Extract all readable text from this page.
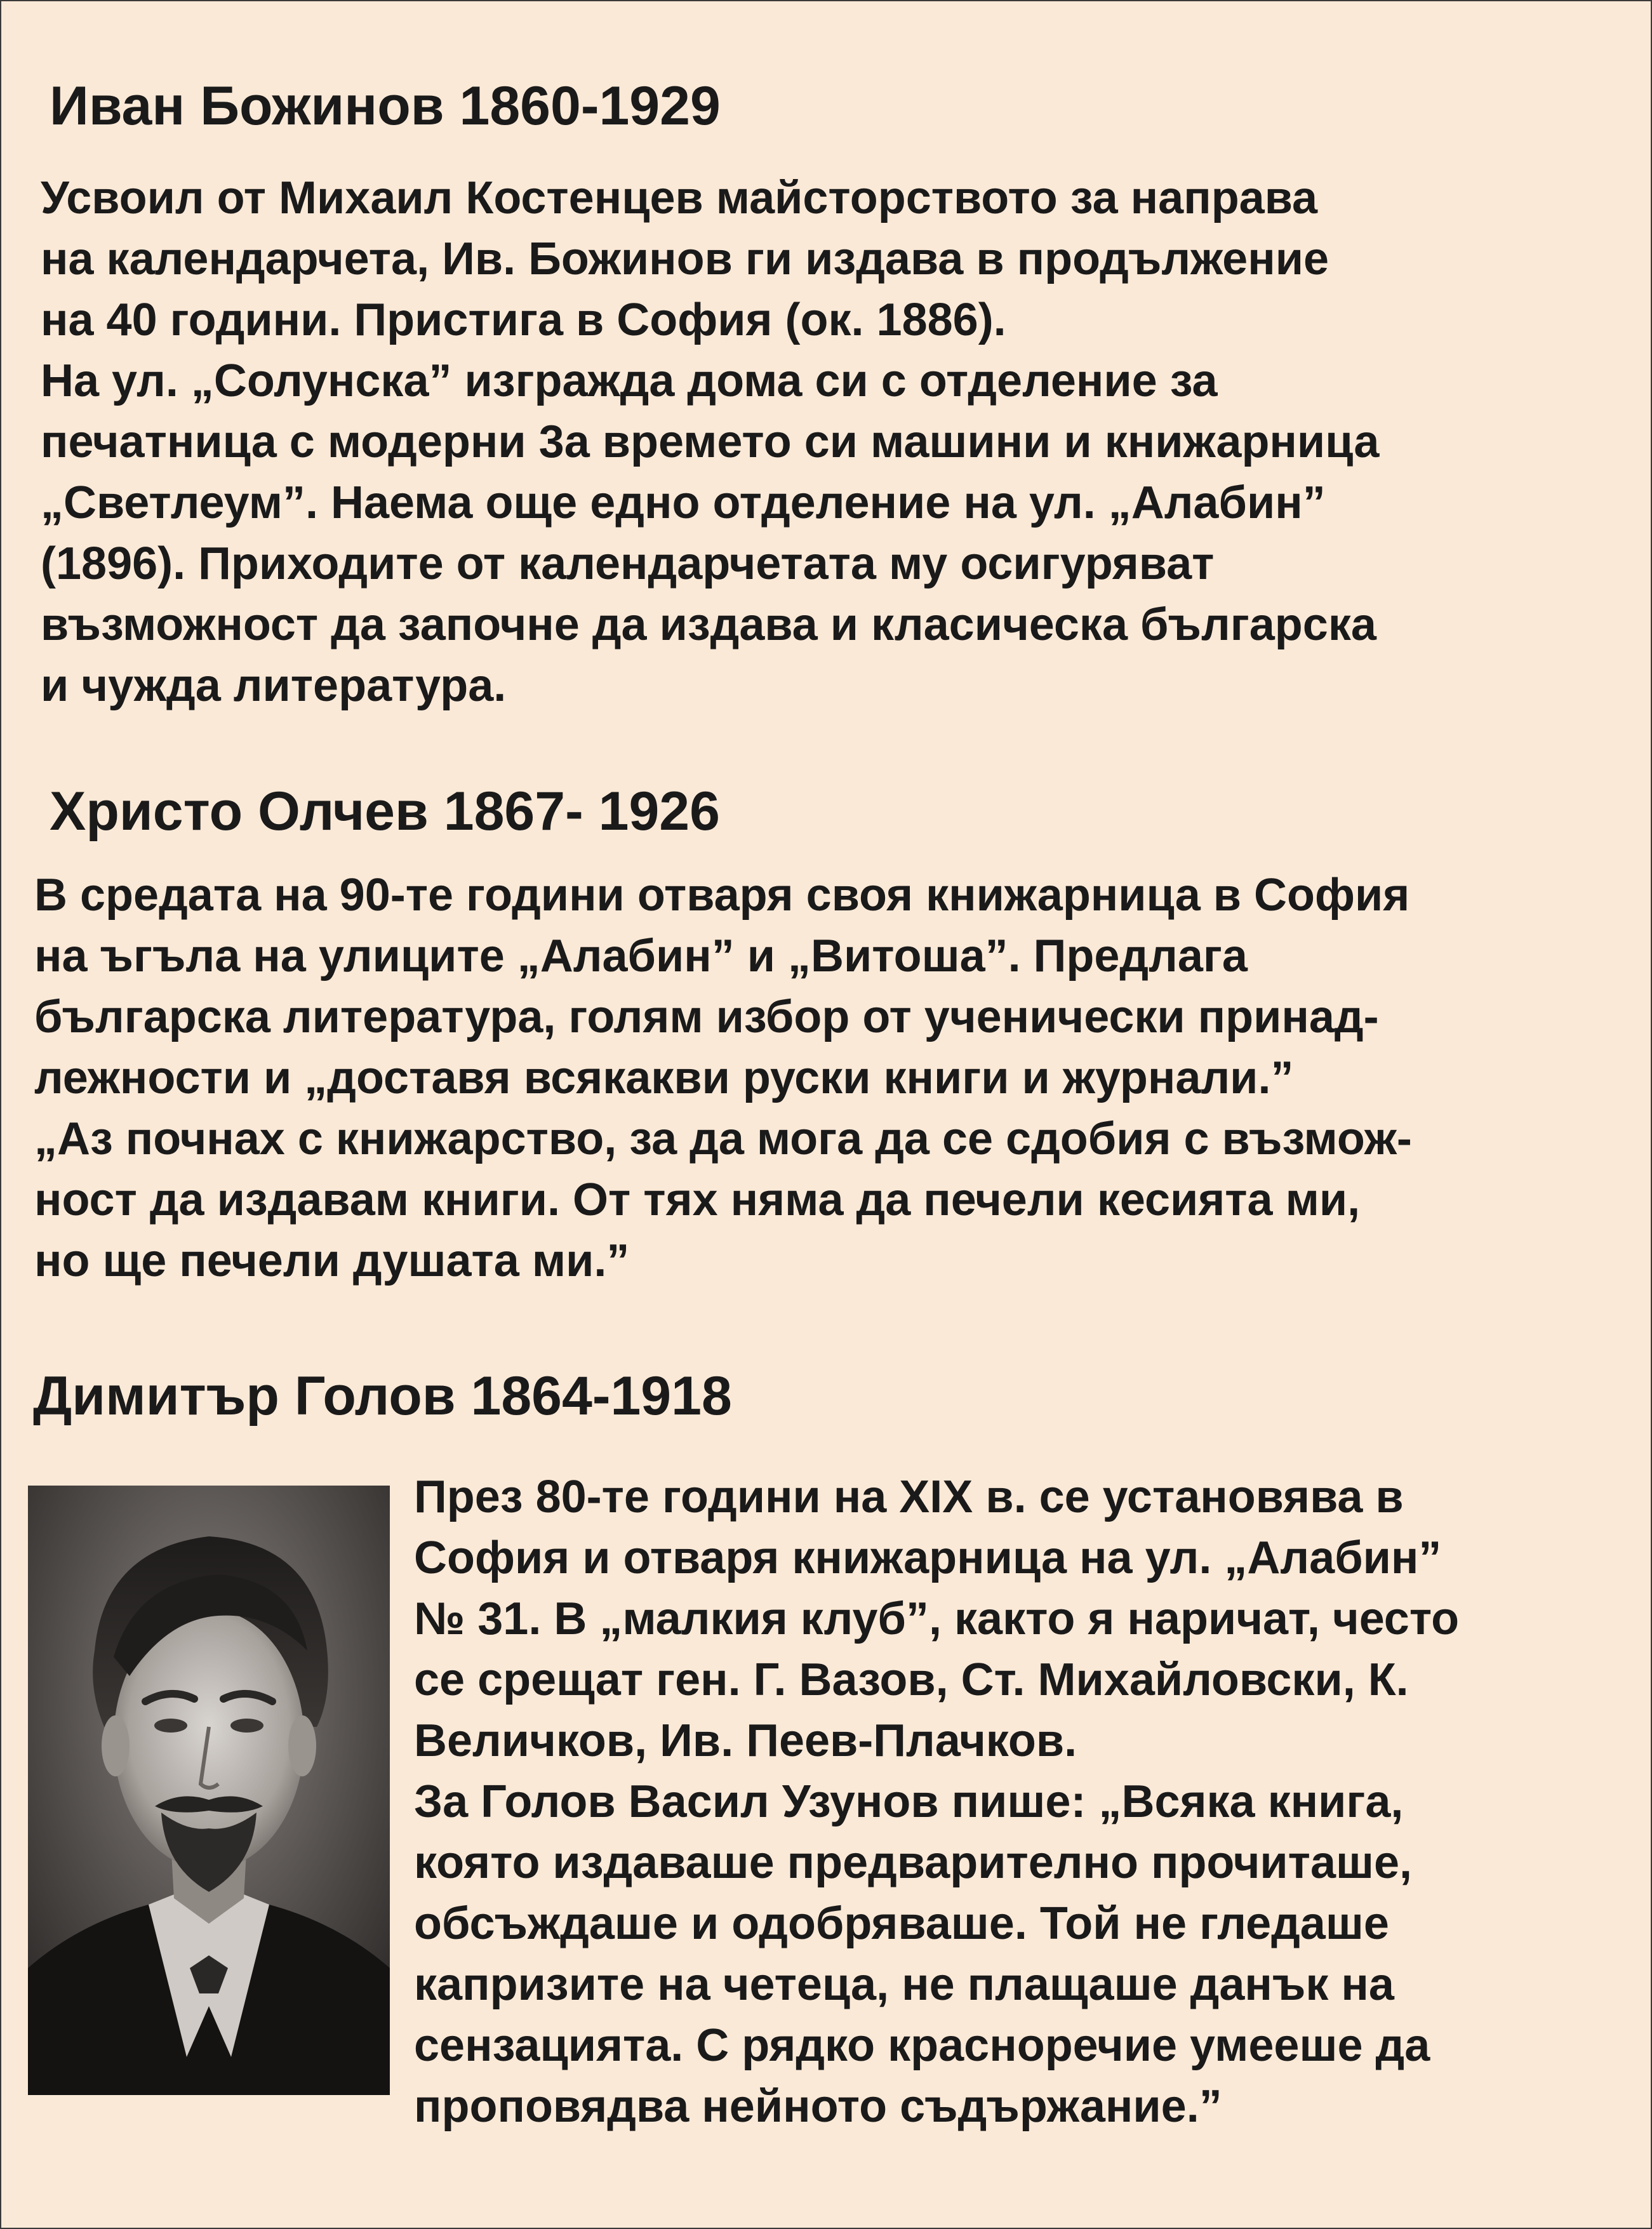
Иван Божинов 1860-1929

Усвоил от Михаил Костенцев майсторството за направа
на календарчета, Ив. Божинов ги издава в продължение
на 40 години. Пристига в София (ок. 1886).
На ул. „Солунска” изгражда дома си с отделение за
печатница с модерни 3а времето си машини и книжарница
„Светлеум”. Наема още едно отделение на ул. „Алабин”
(1896). Приходите от календарчетата му осигуряват
възможност да започне да издава и класическа българска
и чужда литература.

Христо Олчев 1867- 1926

В средата на 90-те години отваря своя книжарница в София
на ъгъла на улиците „Алабин” и „Витоша”. Предлага
българска литература, голям избор от ученически принад-
лежности и „доставя всякакви руски книги и журнали.”
„Аз почнах с книжарство, за да мога да се сдобия с възмож-
ност да издавам книги. От тях няма да печели кесията ми,
но ще печели душата ми.”

Димитър Голов 1864-1918

През 80-те години на XIX в. се установява в
София и отваря книжарница на ул. „Алабин”
№ 31. В „малкия клуб”, както я наричат, често
се срещат ген. Г. Вазов, Ст. Михайловски, К.
Величков, Ив. Пеев-Плачков.
За Голов Васил Узунов пише: „Всяка книга,
която издаваше предварително прочиташе,
обсъждаше и одобряваше. Той не гледаше
капризите на четеца, не плащаше данък на
сензацията. С рядко красноречие умееше да
проповядва нейното съдържание.”
